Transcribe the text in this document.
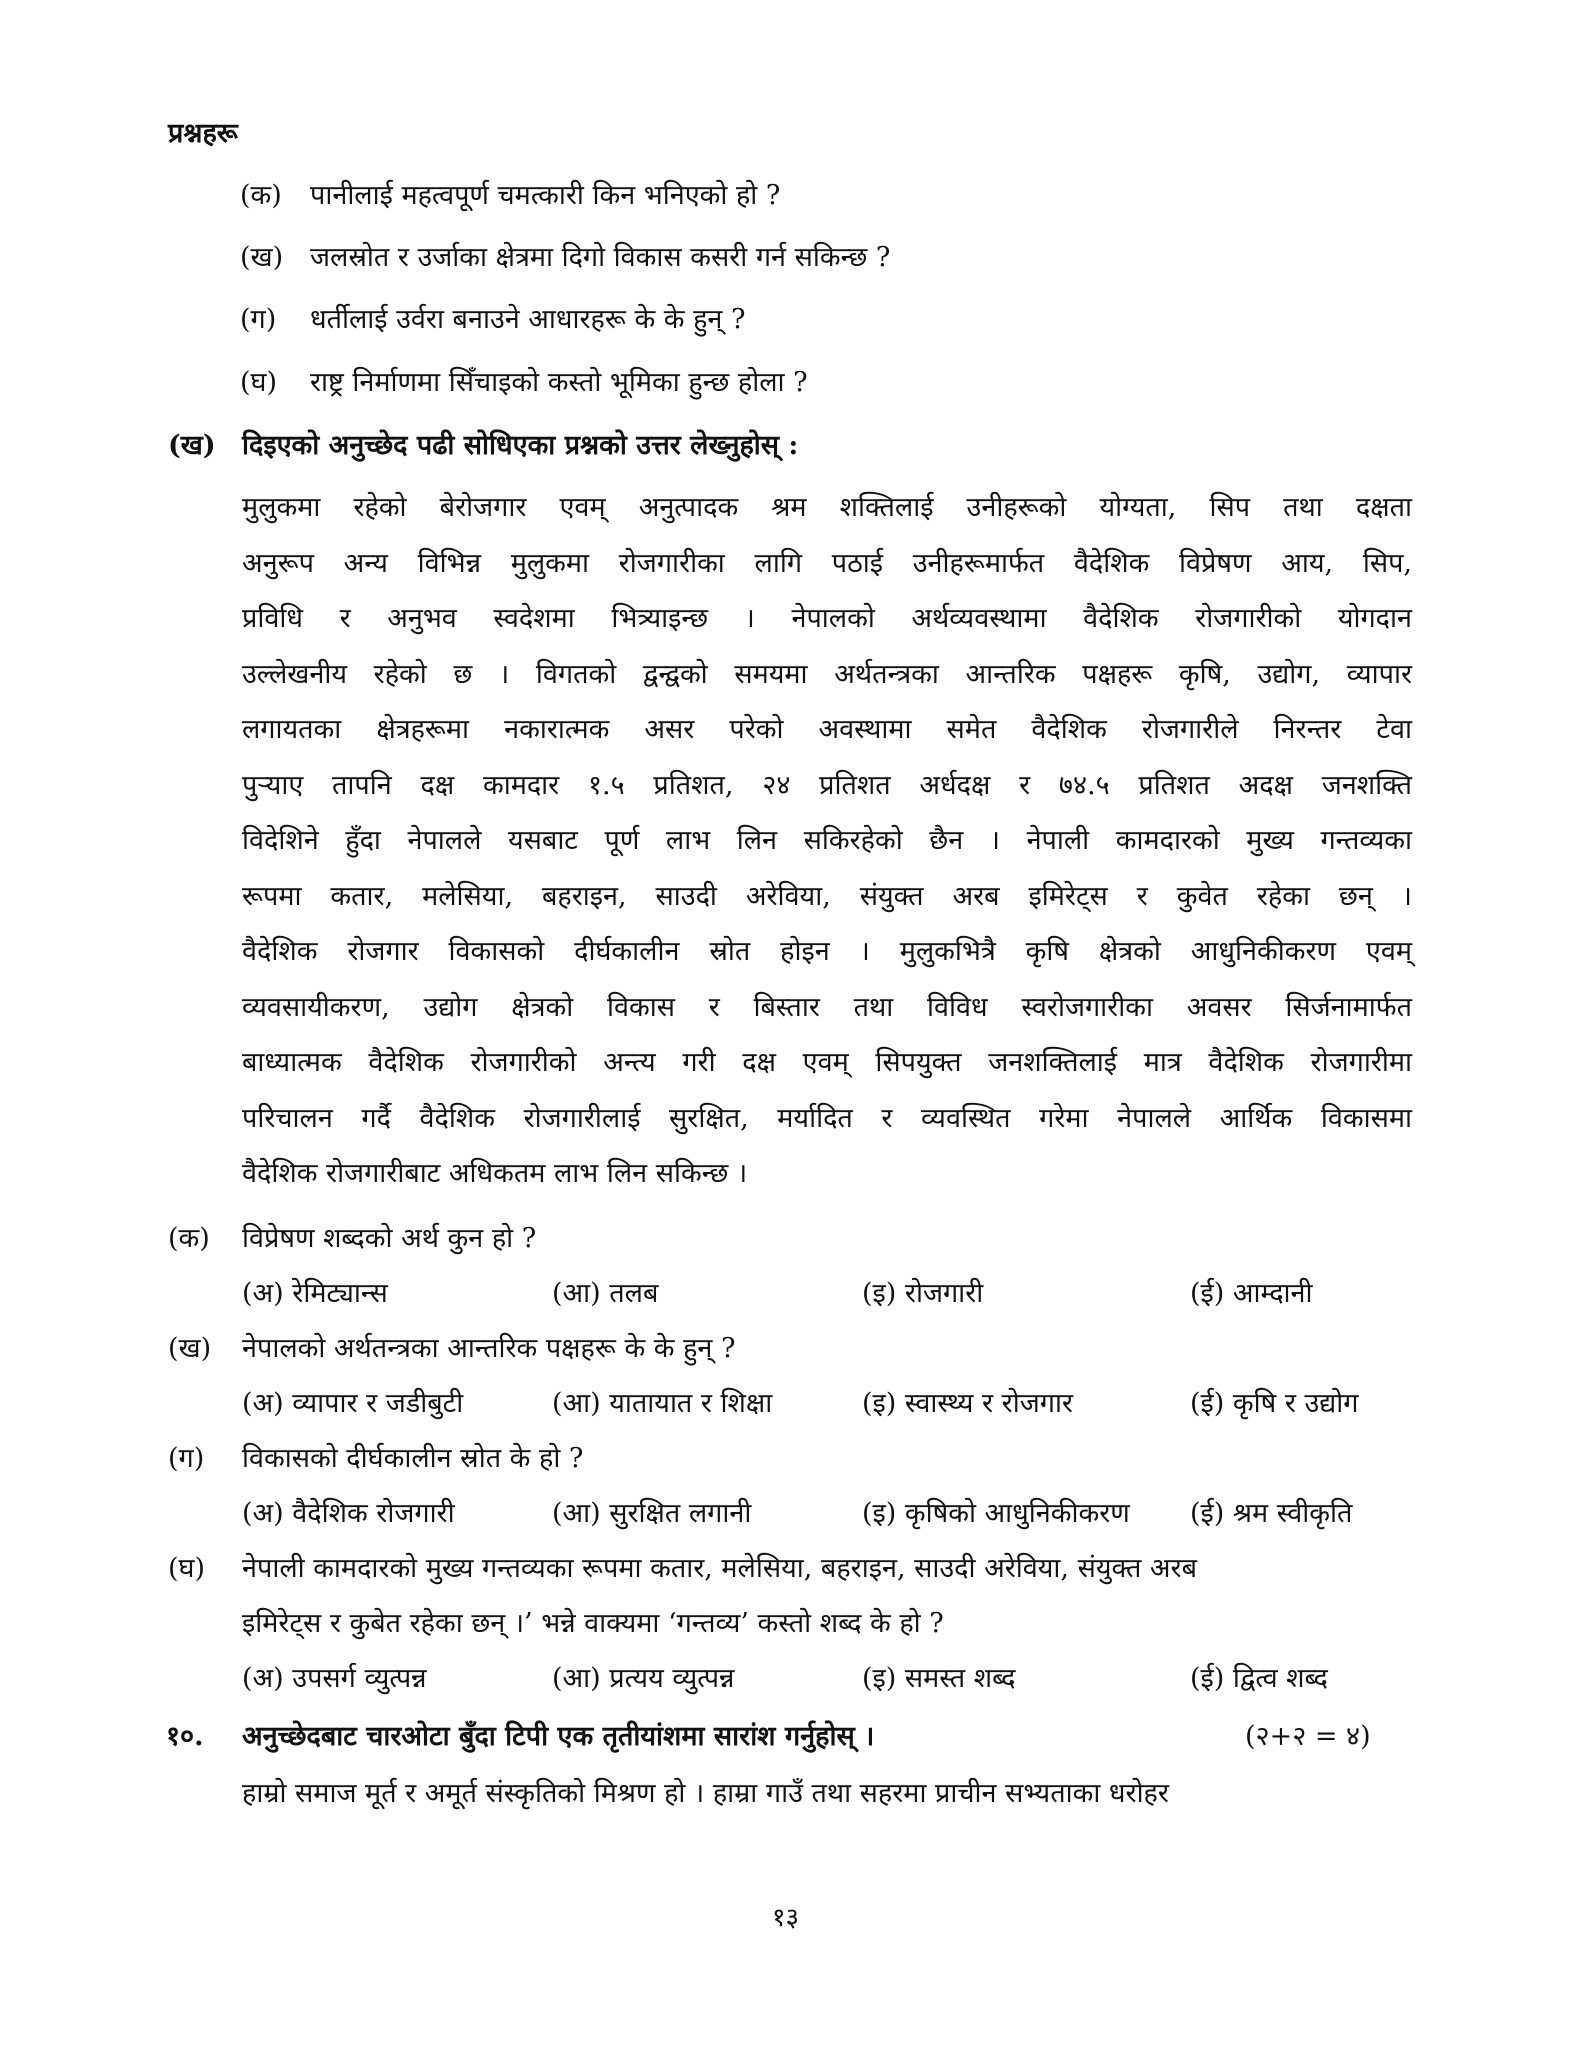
प्रश्नहरू
(क) पानीलाई महत्वपूर्ण चमत्कारी किन भनिएको हो ?
(ख) जलस्रोत र उर्जाका क्षेत्रमा दिगो विकास कसरी गर्न सकिन्छ ?
(ग) धर्तीलाई उर्वरा बनाउने आधारहरू के के हुन् ?
(घ) राष्ट्र निर्माणमा सिँचाइको कस्तो भूमिका हुन्छ होला ?
(ख) दिइएको अनुच्छेद पढी सोधिएका प्रश्नको उत्तर लेख्नुहोस् :
मुलुकमा रहेको बेरोजगार एवम् अनुत्पादक श्रम शक्तिलाई उनीहरूको योग्यता, सिप तथा दक्षता
अनुरूप अन्य विभिन्न मुलुकमा रोजगारीका लागि पठाई उनीहरूमार्फत वैदेशिक विप्रेषण आय, सिप,
प्रविधि र अनुभव स्वदेशमा भित्र्याइन्छ । नेपालको अर्थव्यवस्थामा वैदेशिक रोजगारीको योगदान
उल्लेखनीय रहेको छ । विगतको द्वन्द्वको समयमा अर्थतन्त्रका आन्तरिक पक्षहरू कृषि, उद्योग, व्यापार
लगायतका क्षेत्रहरूमा नकारात्मक असर परेको अवस्थामा समेत वैदेशिक रोजगारीले निरन्तर टेवा
पुऱ्याए तापनि दक्ष कामदार १.५ प्रतिशत, २४ प्रतिशत अर्धदक्ष र ७४.५ प्रतिशत अदक्ष जनशक्ति
विदेशिने हुँदा नेपालले यसबाट पूर्ण लाभ लिन सकिरहेको छैन । नेपाली कामदारको मुख्य गन्तव्यका
रूपमा कतार, मलेसिया, बहराइन, साउदी अरेविया, संयुक्त अरब इमिरेट्स र कुवेत रहेका छन् ।
वैदेशिक रोजगार विकासको दीर्घकालीन स्रोत होइन । मुलुकभित्रै कृषि क्षेत्रको आधुनिकीकरण एवम्
व्यवसायीकरण, उद्योग क्षेत्रको विकास र बिस्तार तथा विविध स्वरोजगारीका अवसर सिर्जनामार्फत
बाध्यात्मक वैदेशिक रोजगारीको अन्त्य गरी दक्ष एवम् सिपयुक्त जनशक्तिलाई मात्र वैदेशिक रोजगारीमा
परिचालन गर्दै वैदेशिक रोजगारीलाई सुरक्षित, मर्यादित र व्यवस्थित गरेमा नेपालले आर्थिक विकासमा
वैदेशिक रोजगारीबाट अधिकतम लाभ लिन सकिन्छ ।
(क) विप्रेषण शब्दको अर्थ कुन हो ?
(अ) रेमिट्यान्स	(आ) तलब	(इ) रोजगारी	(ई) आम्दानी
(ख) नेपालको अर्थतन्त्रका आन्तरिक पक्षहरू के के हुन् ?
(अ) व्यापार र जडीबुटी	(आ) यातायात र शिक्षा	(इ) स्वास्थ्य र रोजगार	(ई) कृषि र उद्योग
(ग) विकासको दीर्घकालीन स्रोत के हो ?
(अ) वैदेशिक रोजगारी	(आ) सुरक्षित लगानी	(इ) कृषिको आधुनिकीकरण (ई) श्रम स्वीकृति
(घ) नेपाली कामदारको मुख्य गन्तव्यका रूपमा कतार, मलेसिया, बहराइन, साउदी अरेविया, संयुक्त अरब
इमिरेट्स र कुबेत रहेका छन् ।’ भन्ने वाक्यमा ‘गन्तव्य’ कस्तो शब्द के हो ?
(अ) उपसर्ग व्युत्पन्न	(आ) प्रत्यय व्युत्पन्न	(इ) समस्त शब्द	(ई) द्वित्व शब्द
१०. अनुच्छेदबाट चारओटा बुँदा टिपी एक तृतीयांशमा सारांश गर्नुहोस् ।	(२+२ = ४)
हाम्रो समाज मूर्त र अमूर्त संस्कृतिको मिश्रण हो । हाम्रा गाउँ तथा सहरमा प्राचीन सभ्यताका धरोहर
१३
